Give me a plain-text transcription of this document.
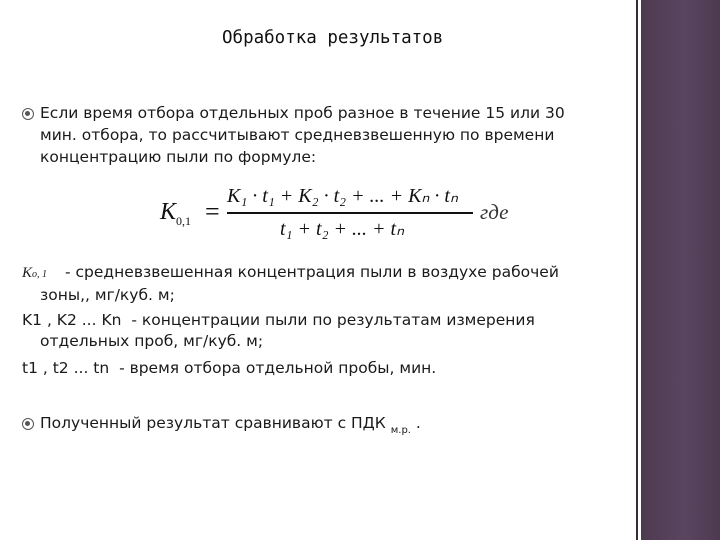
Обработка результатов
Если время отбора отдельных проб разное в течение 15 или 30
мин. отбора, то рассчитывают средневзвешенную по времени
концентрацию пыли по формуле:
$K_{0,1}$ =
K₁ · t₁ + K₂ · t₂ + ... + Kₙ · tₙ
t₁ + t₂ + ... + tₙ
где
Ko, 1 - средневзвешенная концентрация пыли в воздухе рабочей
зоны,, мг/куб. м;
K1 , K2 ... Kn - концентрации пыли по результатам измерения
отдельных проб, мг/куб. м;
t1 , t2 ... tn - время отбора отдельной пробы, мин.
Полученный результат сравнивают с ПДК $_{м.р.}$ .
